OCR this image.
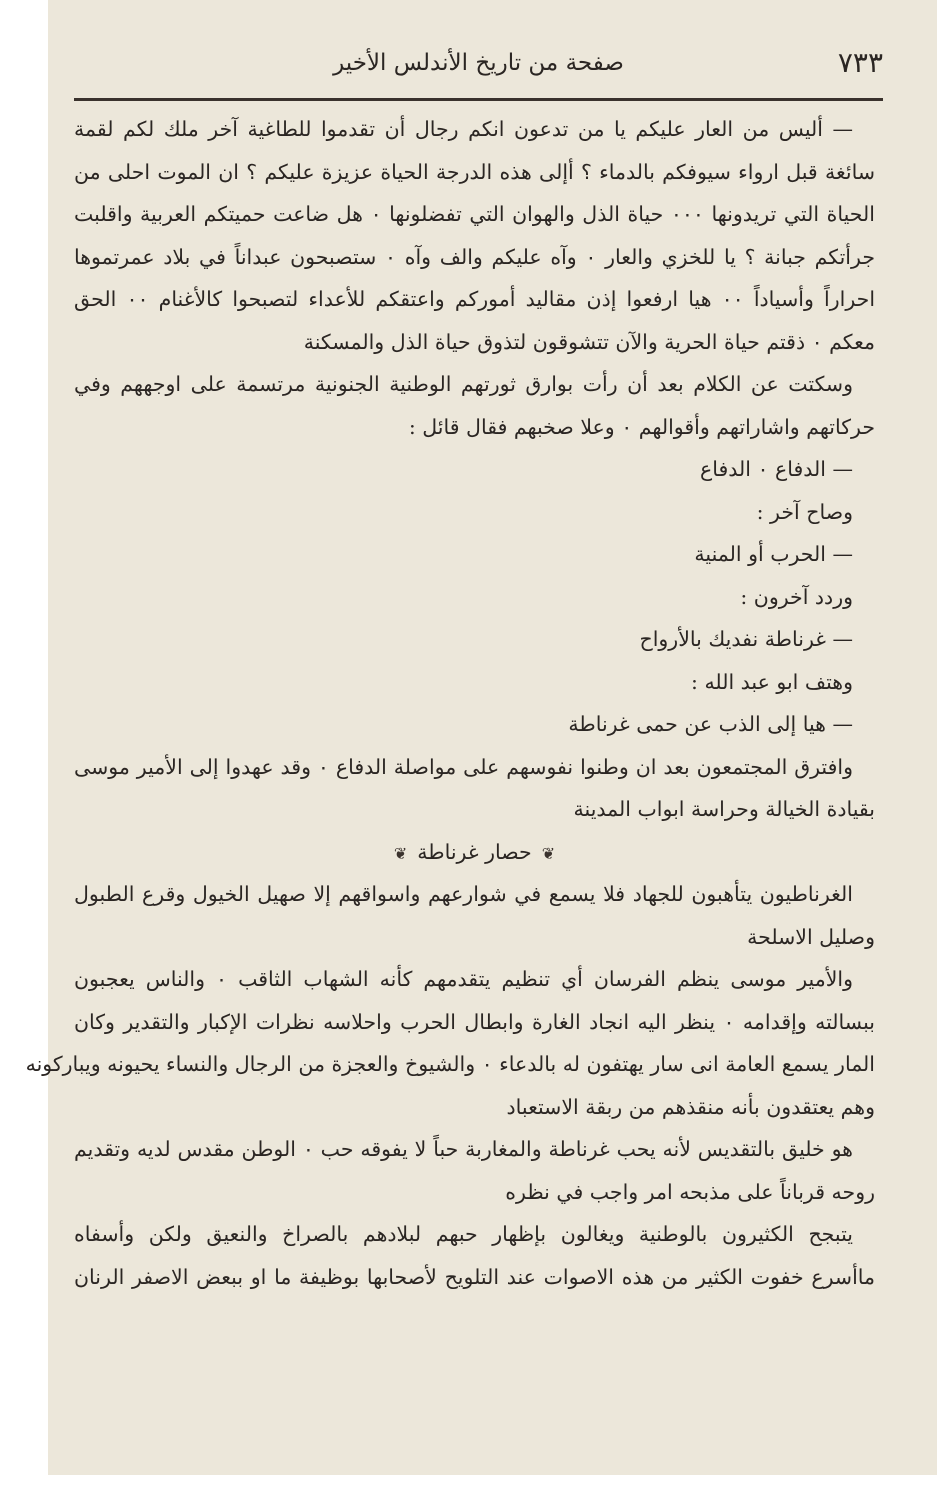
٧٣٣
صفحة من تاريخ الأندلس الأخير
— أليس من العار عليكم يا من تدعون انكم رجال أن تقدموا للطاغية آخر ملك لكم لقمة
سائغة قبل ارواء سيوفكم بالدماء ؟ أإلى هذه الدرجة الحياة عزيزة عليكم ؟ ان الموت احلى من
الحياة التي تريدونها ٠٠٠ حياة الذل والهوان التي تفضلونها ٠ هل ضاعت حميتكم العربية واقلبت
جرأتكم جبانة ؟ يا للخزي والعار ٠ وآه عليكم والف وآه ٠ ستصبحون عبداناً في بلاد عمرتموها
احراراً وأسياداً ٠٠ هيا ارفعوا إذن مقاليد أموركم واعتقكم للأعداء لتصبحوا كالأغنام ٠٠ الحق
معكم ٠ ذقتم حياة الحرية والآن تتشوقون لتذوق حياة الذل والمسكنة
وسكتت عن الكلام بعد أن رأت بوارق ثورتهم الوطنية الجنونية مرتسمة على اوجههم وفي
حركاتهم واشاراتهم وأقوالهم ٠ وعلا صخبهم فقال قائل :
— الدفاع ٠ الدفاع
وصاح آخر :
— الحرب أو المنية
وردد آخرون :
— غرناطة نفديك بالأرواح
وهتف ابو عبد الله :
— هيا إلى الذب عن حمى غرناطة
وافترق المجتمعون بعد ان وطنوا نفوسهم على مواصلة الدفاع ٠ وقد عهدوا إلى الأمير موسى
بقيادة الخيالة وحراسة ابواب المدينة
❦حصار غرناطة❦
الغرناطيون يتأهبون للجهاد فلا يسمع في شوارعهم واسواقهم إلا صهيل الخيول وقرع الطبول
وصليل الاسلحة
والأمير موسى ينظم الفرسان أي تنظيم يتقدمهم كأنه الشهاب الثاقب ٠ والناس يعجبون
ببسالته وإقدامه ٠ ينظر اليه انجاد الغارة وابطال الحرب واحلاسه نظرات الإكبار والتقدير وكان
المار يسمع العامة انى سار يهتفون له بالدعاء ٠ والشيوخ والعجزة من الرجال والنساء يحيونه ويباركونه
وهم يعتقدون بأنه منقذهم من ربقة الاستعباد
هو خليق بالتقديس لأنه يحب غرناطة والمغاربة حباً لا يفوقه حب ٠ الوطن مقدس لديه وتقديم
روحه قرباناً على مذبحه امر واجب في نظره
يتبجح الكثيرون بالوطنية ويغالون بإظهار حبهم لبلادهم بالصراخ والنعيق ولكن وأسفاه
ماأسرع خفوت الكثير من هذه الاصوات عند التلويح لأصحابها بوظيفة ما او ببعض الاصفر الرنان
